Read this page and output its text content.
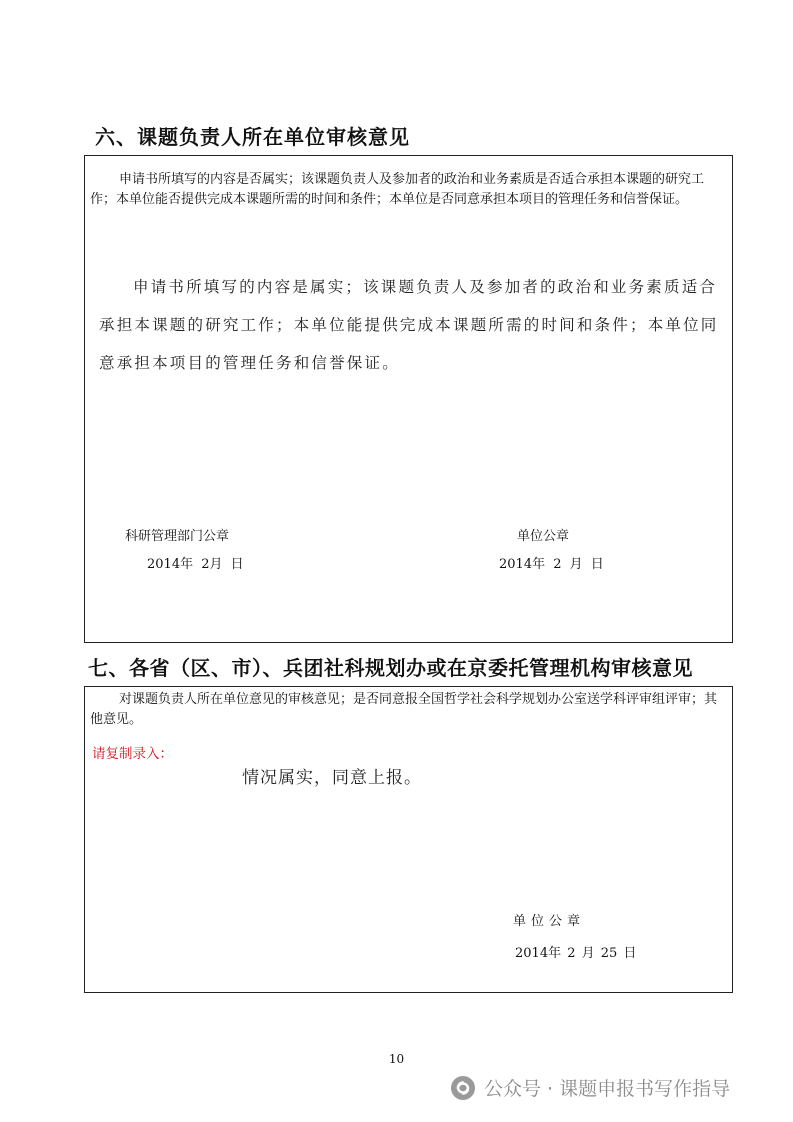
六、课题负责人所在单位审核意见
申请书所填写的内容是否属实；该课题负责人及参加者的政治和业务素质是否适合承担本课题的研究工作；本单位能否提供完成本课题所需的时间和条件；本单位是否同意承担本项目的管理任务和信誉保证。
申请书所填写的内容是属实；该课题负责人及参加者的政治和业务素质适合承担本课题的研究工作；本单位能提供完成本课题所需的时间和条件；本单位同意承担本项目的管理任务和信誉保证。
科研管理部门公章	单位公章
2014年 2月 日	2014年 2 月 日
七、各省（区、市）、兵团社科规划办或在京委托管理机构审核意见
对课题负责人所在单位意见的审核意见；是否同意报全国哲学社会科学规划办公室送学科评审组评审；其他意见。
请复制录入：
情况属实，同意上报。
单位公章
2014年 2 月 25 日
10
公众号 · 课题申报书写作指导
